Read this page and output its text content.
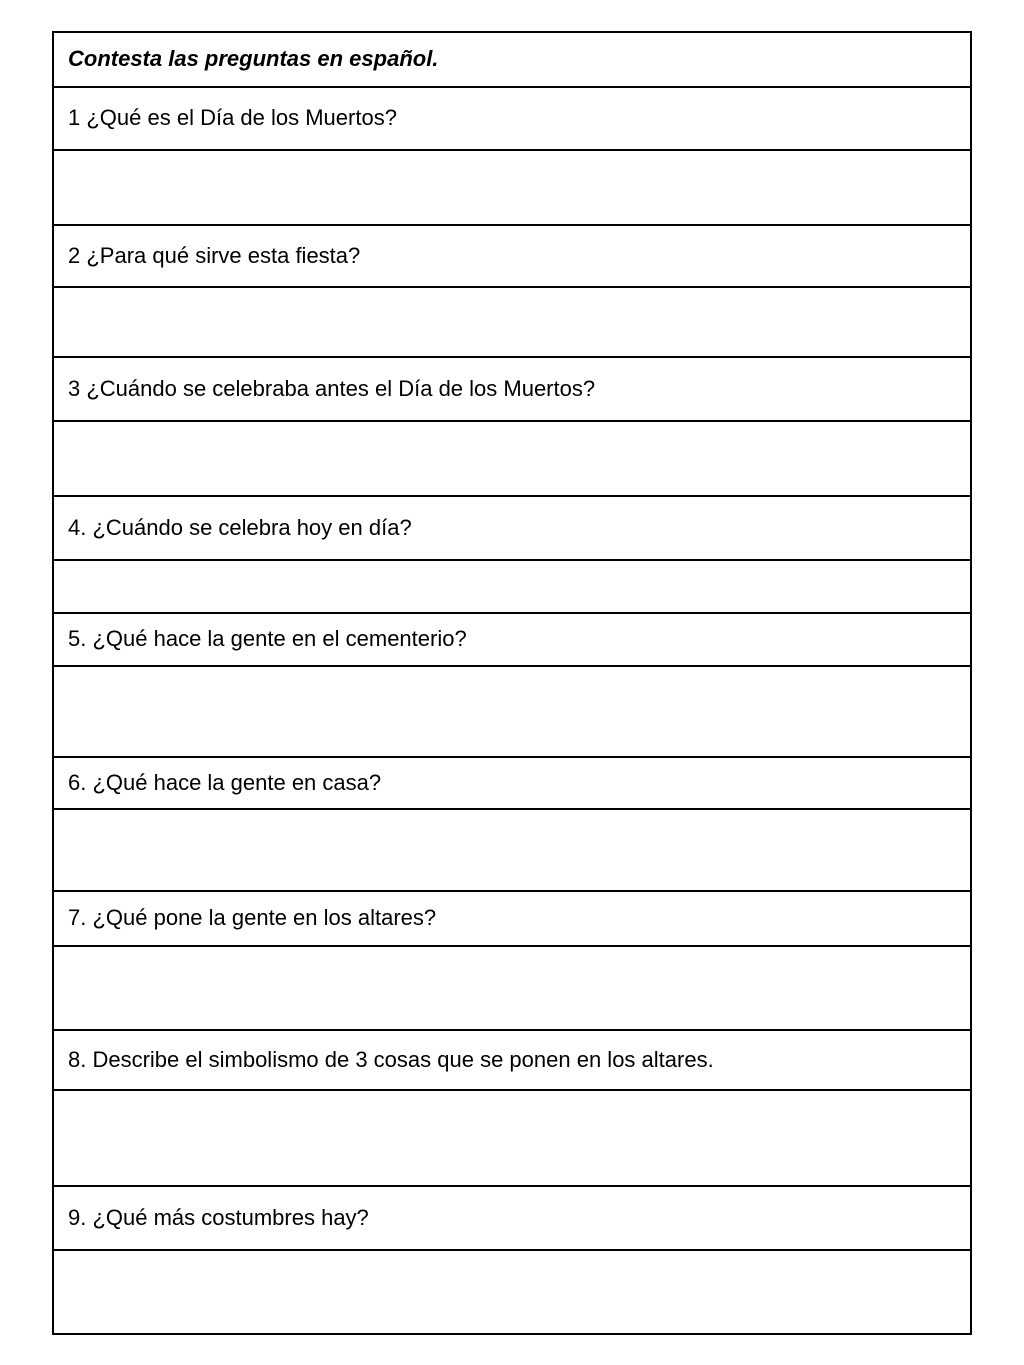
Contesta las preguntas en español.
1 ¿Qué es el Día de los Muertos?

2 ¿Para qué sirve esta fiesta?

3 ¿Cuándo se celebraba antes el Día de los Muertos?

4. ¿Cuándo se celebra hoy en día?

5. ¿Qué hace la gente en el cementerio?

6. ¿Qué hace la gente en casa?

7. ¿Qué pone la gente en los altares?

8. Describe el simbolismo de 3 cosas que se ponen en los altares.

9. ¿Qué más costumbres hay?
